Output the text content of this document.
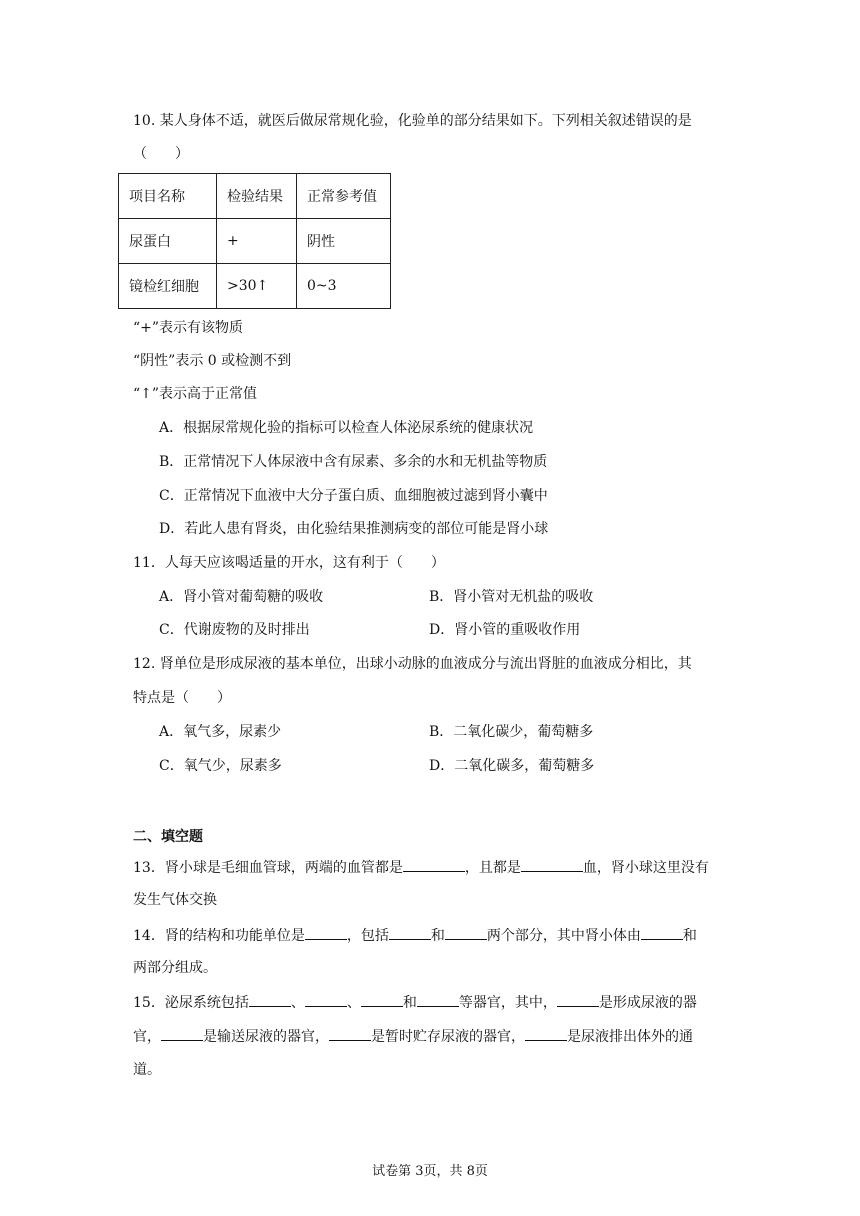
10. 某人身体不适，就医后做尿常规化验，化验单的部分结果如下。下列相关叙述错误的是
（　　）
项目名称	检验结果	正常参考值
尿蛋白	+	阴性
镜检红细胞	>30↑	0~3
“+”表示有该物质
“阴性”表示 0 或检测不到
“↑”表示高于正常值
A．根据尿常规化验的指标可以检查人体泌尿系统的健康状况
B．正常情况下人体尿液中含有尿素、多余的水和无机盐等物质
C．正常情况下血液中大分子蛋白质、血细胞被过滤到肾小囊中
D．若此人患有肾炎，由化验结果推测病变的部位可能是肾小球
11．人每天应该喝适量的开水，这有利于（　　）
A．肾小管对葡萄糖的吸收	B．肾小管对无机盐的吸收
C．代谢废物的及时排出	D．肾小管的重吸收作用
12. 肾单位是形成尿液的基本单位，出球小动脉的血液成分与流出肾脏的血液成分相比，其
特点是（　　）
A．氧气多，尿素少	B．二氧化碳少，葡萄糖多
C．氧气少，尿素多	D．二氧化碳多，葡萄糖多
二、填空题
13．肾小球是毛细血管球，两端的血管都是	，且都是	血，肾小球这里没有
发生气体交换
14．肾的结构和功能单位是	，包括	和	两个部分，其中肾小体由	和
两部分组成。
15．泌尿系统包括	、	、	和	等器官，其中，	是形成尿液的器
官，	是输送尿液的器官，	是暂时贮存尿液的器官，	是尿液排出体外的通
道。
试卷第 3页，共 8页
